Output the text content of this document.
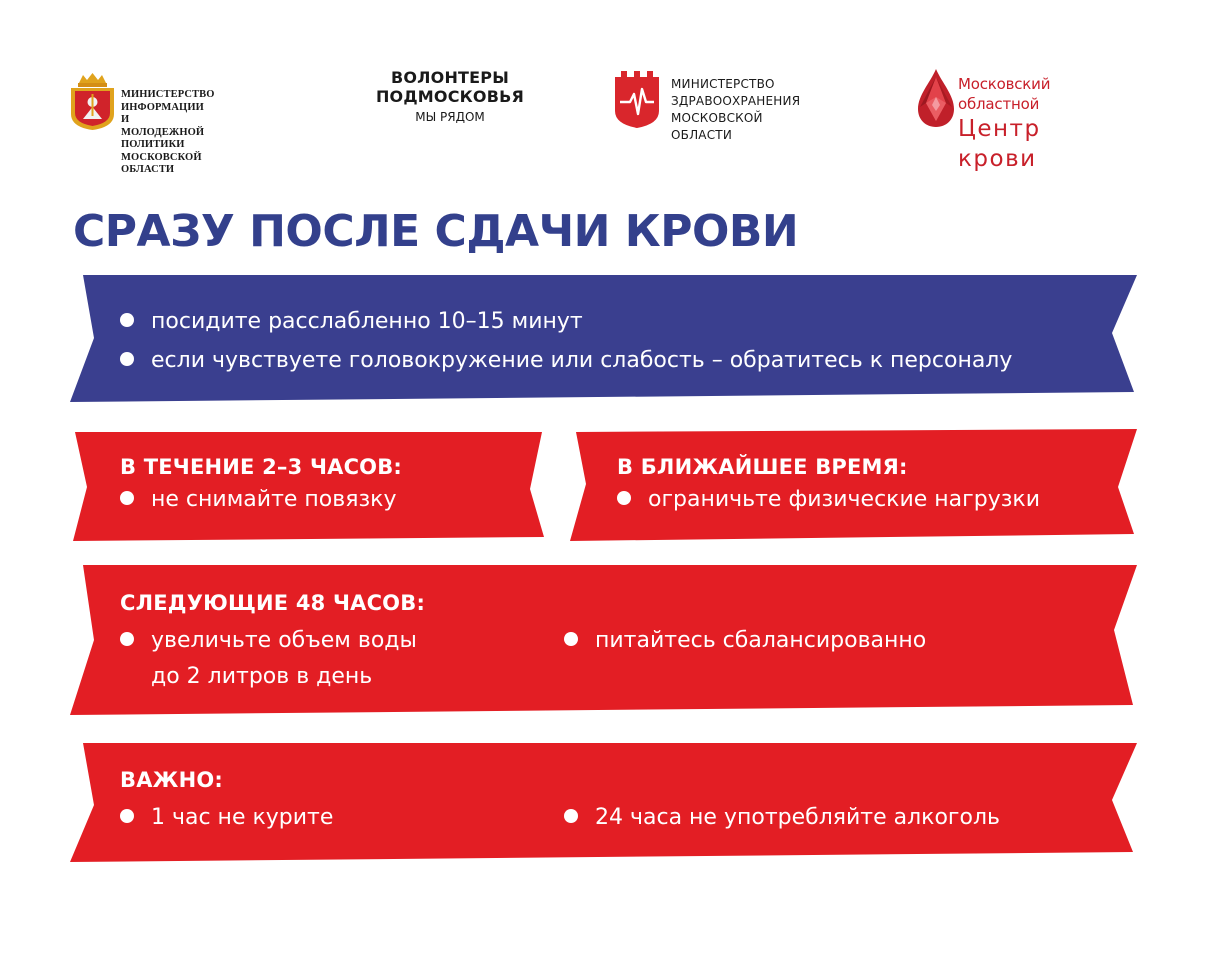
МИНИСТЕРСТВО ИНФОРМАЦИИ
И МОЛОДЕЖНОЙ ПОЛИТИКИ
МОСКОВСКОЙ ОБЛАСТИ
ВОЛОНТЕРЫ
ПОДМОСКОВЬЯ
МЫ РЯДОМ
МИНИСТЕРСТВО
ЗДРАВООХРАНЕНИЯ
МОСКОВСКОЙ ОБЛАСТИ
Московский областной
Центр крови
СРАЗУ ПОСЛЕ СДАЧИ КРОВИ
посидите расслабленно 10–15 минут
если чувствуете головокружение или слабость – обратитесь к персоналу
В ТЕЧЕНИЕ 2–3 ЧАСОВ:
не снимайте повязку
В БЛИЖАЙШЕЕ ВРЕМЯ:
ограничьте физические нагрузки
СЛЕДУЮЩИЕ 48 ЧАСОВ:
увеличьте объем воды
до 2 литров в день
питайтесь сбалансированно
ВАЖНО:
1 час не курите	24 часа не употребляйте алкоголь
